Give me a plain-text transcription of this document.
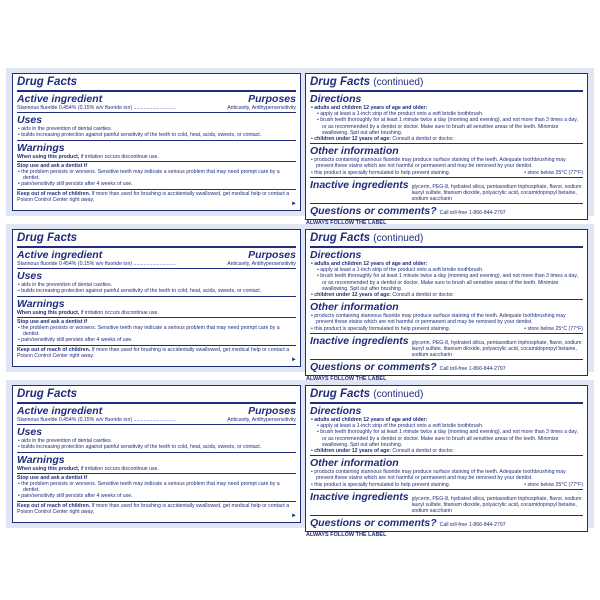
Drug Facts
Active ingredient	Purposes
Stannous fluoride 0.454% (0.15% w/v fluoride ion) ..............................	Anticavity, Antihypersensitivity
Uses
• aids in the prevention of dental cavities.
• builds increasing protection against painful sensitivity of the teeth to cold, heat, acids, sweets, or contact.
Warnings
When using this product, if irritation occurs discontinue use.
Stop use and ask a dentist if
• the problem persists or worsens. Sensitive teeth may indicate a serious problem that may need prompt care by a dentist.
• pain/sensitivity still persists after 4 weeks of use.
Keep out of reach of children. If more than used for brushing is accidentally swallowed, get medical help or contact a Poison Control Center right away.
►
Drug Facts (continued)
Directions
• adults and children 12 years of age and older:
• apply at least a 1-inch strip of the product onto a soft bristle toothbrush.
• brush teeth thoroughly for at least 1 minute twice a day (morning and evening), and not more than 3 times a day, or as recommended by a dentist or doctor. Make sure to brush all sensitive areas of the teeth. Minimize swallowing. Spit out after brushing.
• children under 12 years of age: Consult a dentist or doctor.
Other information
• products containing stannous fluoride may produce surface staining of the teeth. Adequate toothbrushing may prevent these stains which are not harmful or permanent and may be removed by your dentist.
• this product is specially formulated to help prevent staining.	• store below 25°C (77°F)
Inactive ingredients glycerin, PEG-8, hydrated silica, pentasodium triphosphate, flavor, sodium lauryl sulfate, titanium dioxide, polyacrylic acid, cocamidopropyl betaine, sodium saccharin
Questions or comments? Call toll-free 1-866-844-2797
Drug Facts
Active ingredient	Purposes
Stannous fluoride 0.454% (0.15% w/v fluoride ion) ..............................	Anticavity, Antihypersensitivity
Uses
• aids in the prevention of dental cavities.
• builds increasing protection against painful sensitivity of the teeth to cold, heat, acids, sweets, or contact.
Warnings
When using this product, if irritation occurs discontinue use.
Stop use and ask a dentist if
• the problem persists or worsens. Sensitive teeth may indicate a serious problem that may need prompt care by a dentist.
• pain/sensitivity still persists after 4 weeks of use.
Keep out of reach of children. If more than used for brushing is accidentally swallowed, get medical help or contact a Poison Control Center right away.
►
Drug Facts (continued)
Directions
• adults and children 12 years of age and older:
• apply at least a 1-inch strip of the product onto a soft bristle toothbrush.
• brush teeth thoroughly for at least 1 minute twice a day (morning and evening), and not more than 3 times a day, or as recommended by a dentist or doctor. Make sure to brush all sensitive areas of the teeth. Minimize swallowing. Spit out after brushing.
• children under 12 years of age: Consult a dentist or doctor.
Other information
• products containing stannous fluoride may produce surface staining of the teeth. Adequate toothbrushing may prevent these stains which are not harmful or permanent and may be removed by your dentist.
• this product is specially formulated to help prevent staining.	• store below 25°C (77°F)
Inactive ingredients glycerin, PEG-8, hydrated silica, pentasodium triphosphate, flavor, sodium lauryl sulfate, titanium dioxide, polyacrylic acid, cocamidopropyl betaine, sodium saccharin
Questions or comments? Call toll-free 1-866-844-2797
Drug Facts
Active ingredient	Purposes
Stannous fluoride 0.454% (0.15% w/v fluoride ion) ..............................	Anticavity, Antihypersensitivity
Uses
• aids in the prevention of dental cavities.
• builds increasing protection against painful sensitivity of the teeth to cold, heat, acids, sweets, or contact.
Warnings
When using this product, if irritation occurs discontinue use.
Stop use and ask a dentist if
• the problem persists or worsens. Sensitive teeth may indicate a serious problem that may need prompt care by a dentist.
• pain/sensitivity still persists after 4 weeks of use.
Keep out of reach of children. If more than used for brushing is accidentally swallowed, get medical help or contact a Poison Control Center right away.
►
Drug Facts (continued)
Directions
• adults and children 12 years of age and older:
• apply at least a 1-inch strip of the product onto a soft bristle toothbrush.
• brush teeth thoroughly for at least 1 minute twice a day (morning and evening), and not more than 3 times a day, or as recommended by a dentist or doctor. Make sure to brush all sensitive areas of the teeth. Minimize swallowing. Spit out after brushing.
• children under 12 years of age: Consult a dentist or doctor.
Other information
• products containing stannous fluoride may produce surface staining of the teeth. Adequate toothbrushing may prevent these stains which are not harmful or permanent and may be removed by your dentist.
• this product is specially formulated to help prevent staining.	• store below 25°C (77°F)
Inactive ingredients glycerin, PEG-8, hydrated silica, pentasodium triphosphate, flavor, sodium lauryl sulfate, titanium dioxide, polyacrylic acid, cocamidopropyl betaine, sodium saccharin
Questions or comments? Call toll-free 1-866-844-2797
ALWAYS FOLLOW THE LABEL
